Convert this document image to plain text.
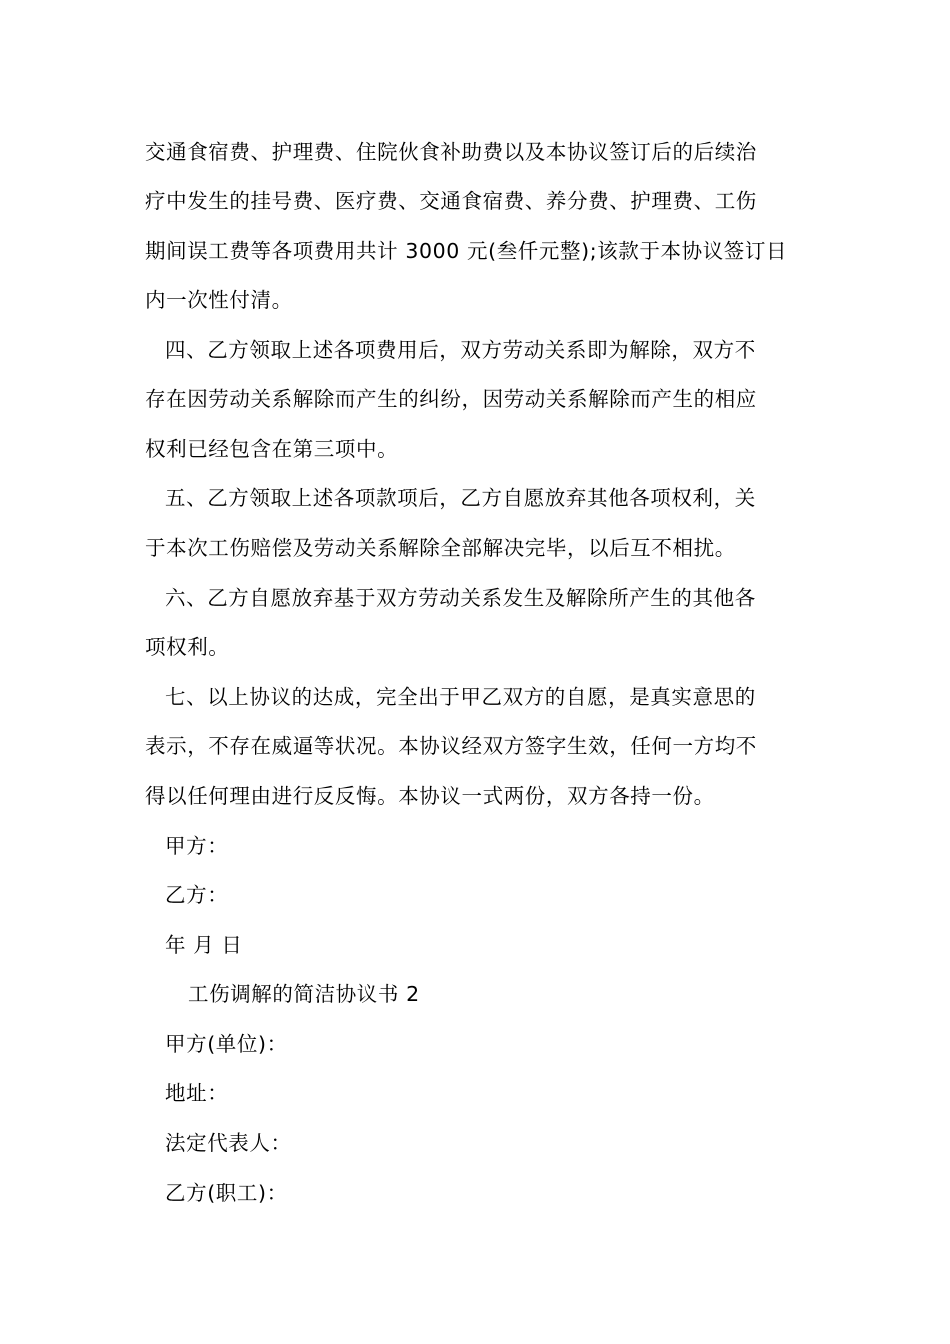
交通食宿费、护理费、住院伙食补助费以及本协议签订后的后续治
疗中发生的挂号费、医疗费、交通食宿费、养分费、护理费、工伤
期间误工费等各项费用共计 3000 元(叁仟元整);该款于本协议签订日
内一次性付清。
四、乙方领取上述各项费用后，双方劳动关系即为解除，双方不
存在因劳动关系解除而产生的纠纷，因劳动关系解除而产生的相应
权利已经包含在第三项中。
五、乙方领取上述各项款项后，乙方自愿放弃其他各项权利，关
于本次工伤赔偿及劳动关系解除全部解决完毕，以后互不相扰。
六、乙方自愿放弃基于双方劳动关系发生及解除所产生的其他各
项权利。
七、以上协议的达成，完全出于甲乙双方的自愿，是真实意思的
表示，不存在威逼等状况。本协议经双方签字生效，任何一方均不
得以任何理由进行反反悔。本协议一式两份，双方各持一份。
甲方：
乙方：
年 月 日
工伤调解的简洁协议书 2
甲方(单位)：
地址：
法定代表人：
乙方(职工)：
